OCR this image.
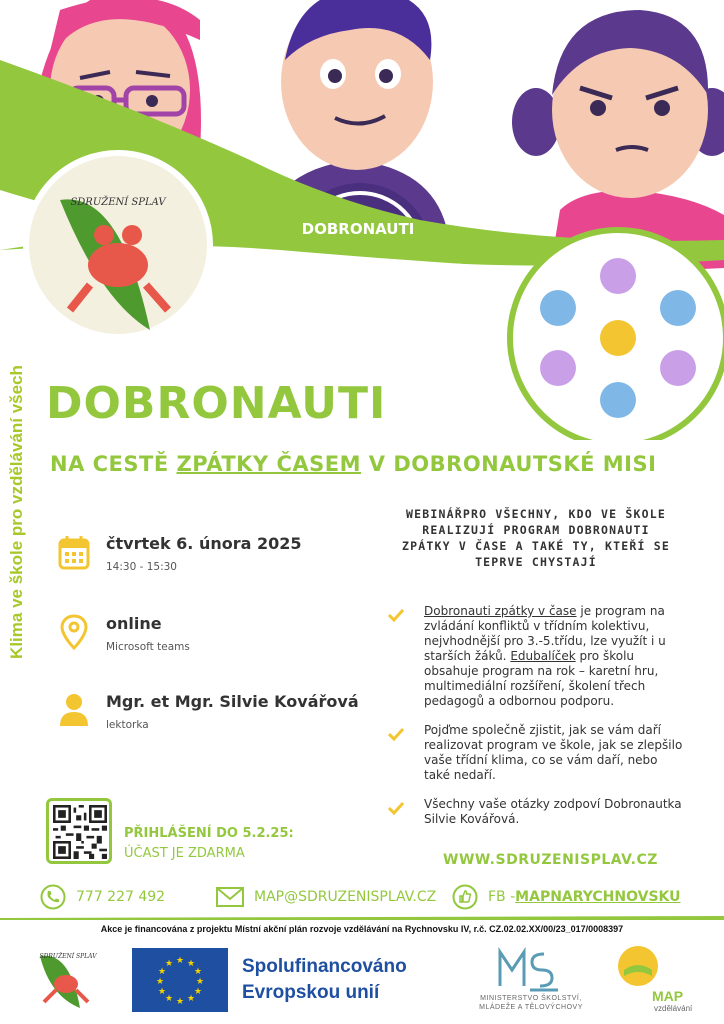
SDRUŽENÍ SPLAV
Klima ve škole pro vzdělávání všech DOBRONAUTI
NA CESTĚ ZPÁTKY ČASEM V DOBRONAUTSKÉ MISI
čtvrtek 6. února 2025
14:30 - 15:30
online
Microsoft teams
Mgr. et Mgr. Silvie Kovářová
lektorka
PŘIHLÁŠENÍ DO 5.2.25:
ÚČAST JE ZDARMA
WEBINÁŘPRO VŠECHNY, KDO VE ŠKOLE REALIZUJÍ PROGRAM DOBRONAUTI ZPÁTKY V ČASE A TAKÉ TY, KTEŘÍ SE TEPRVE CHYSTAJÍ
Dobronauti zpátky v čase je program na zvládání konfliktů v třídním kolektivu, nejvhodnější pro 3.-5.třídu, lze využít i u starších žáků. Edubalíček pro školu obsahuje program na rok – karetní hru, multimediální rozšíření, školení třech pedagogů a odbornou podporu.
Pojďme společně zjistit, jak se vám daří realizovat program ve škole, jak se zlepšilo vaše třídní klima, co se vám daří, nebo také nedaří.
Všechny vaše otázky zodpoví Dobronautka Silvie Kovářová.
WWW.SDRUZENISPLAV.CZ
777 227 492	MAP@SDRUZENISPLAV.CZ	FB - MAPNARYCHNOVSKU
Akce je financována z projektu Místní akční plán rozvoje vzdělávání na Rychnovsku IV, r.č. CZ.02.02.XX/00/23_017/0008397
SDRUŽENÍ SPLAV	★ ★
★
★
★
★
★
★
★
★
★
★	Spolufinancováno
Evropskou unií	MINISTERSTVO ŠKOLSTVÍ,
MLÁDEŽE A TĚLOVÝCHOVY
MAP
vzdělávání
DOBRONAUTI
